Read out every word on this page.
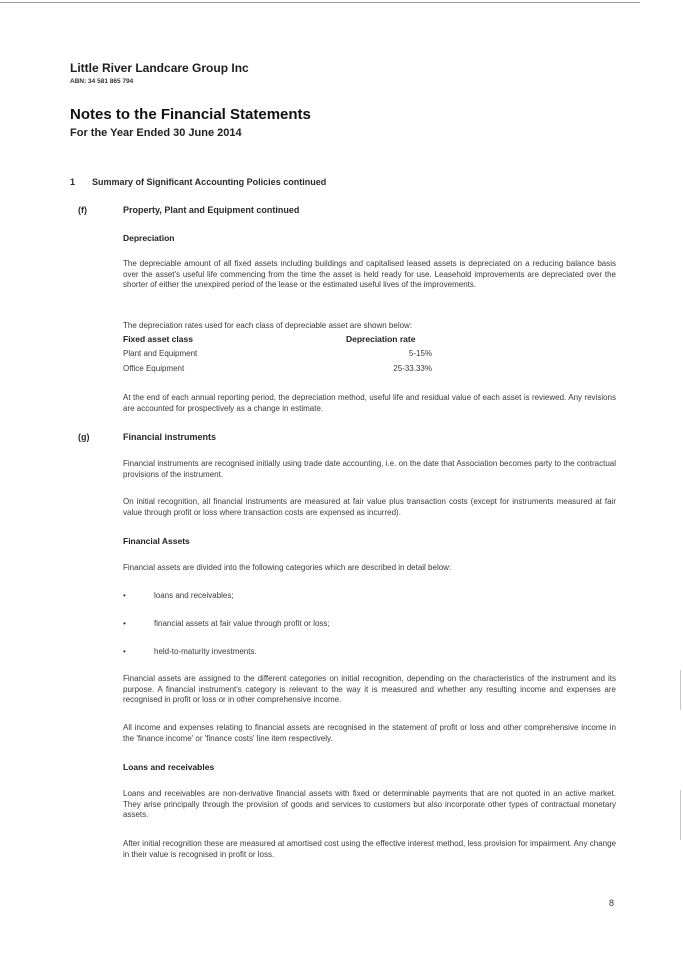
Little River Landcare Group Inc
ABN: 34 581 865 794
Notes to the Financial Statements
For the Year Ended 30 June 2014
1 Summary of Significant Accounting Policies continued
(f)	Property, Plant and Equipment continued
Depreciation

The depreciable amount of all fixed assets including buildings and capitalised leased assets is depreciated on a reducing balance basis over the asset's useful life commencing from the time the asset is held ready for use. Leasehold improvements are depreciated over the shorter of either the unexpired period of the lease or the estimated useful lives of the improvements.

The depreciation rates used for each class of depreciable asset are shown below:

Fixed asset class	Depreciation rate
Plant and Equipment	5-15%
Office Equipment	25-33.33%

At the end of each annual reporting period, the depreciation method, useful life and residual value of each asset is reviewed. Any revisions are accounted for prospectively as a change in estimate.

(g)	Financial instruments

Financial instruments are recognised initially using trade date accounting, i.e. on the date that Association becomes party to the contractual provisions of the instrument.

On initial recognition, all financial instruments are measured at fair value plus transaction costs (except for instruments measured at fair value through profit or loss where transaction costs are expensed as incurred).

Financial Assets

Financial assets are divided into the following categories which are described in detail below:

•	loans and receivables;
•	financial assets at fair value through profit or loss;
•	held-to-maturity investments.

Financial assets are assigned to the different categories on initial recognition, depending on the characteristics of the instrument and its purpose. A financial instrument's category is relevant to the way it is measured and whether any resulting income and expenses are recognised in profit or loss or in other comprehensive income.

All income and expenses relating to financial assets are recognised in the statement of profit or loss and other comprehensive income in the 'finance income' or 'finance costs' line item respectively.

Loans and receivables

Loans and receivables are non-derivative financial assets with fixed or determinable payments that are not quoted in an active market. They arise principally through the provision of goods and services to customers but also incorporate other types of contractual monetary assets.

After initial recognition these are measured at amortised cost using the effective interest method, less provision for impairment. Any change in their value is recognised in profit or loss.

8
